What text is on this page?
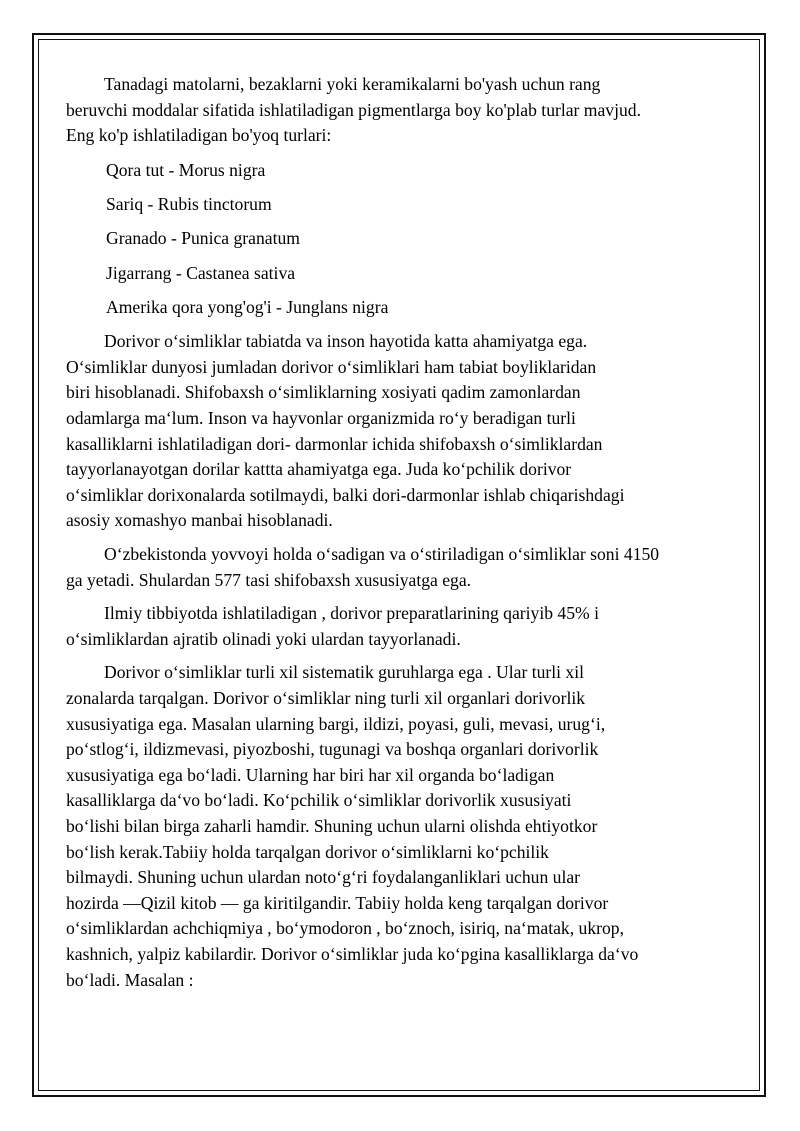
Tanadagi matolarni, bezaklarni yoki keramikalarni bo'yash uchun rang
beruvchi moddalar sifatida ishlatiladigan pigmentlarga boy ko'plab turlar mavjud.
Eng ko'p ishlatiladigan bo'yoq turlari:

Qora tut - Morus nigra
Sariq - Rubis tinctorum
Granado - Punica granatum
Jigarrang - Castanea sativa
Amerika qora yong'og'i - Junglans nigra

Dorivor o‘simliklar tabiatda va inson hayotida katta ahamiyatga ega.
O‘simliklar dunyosi jumladan dorivor o‘simliklari ham tabiat boyliklaridan
biri hisoblanadi. Shifobaxsh o‘simliklarning xosiyati qadim zamonlardan
odamlarga ma‘lum. Inson va hayvonlar organizmida ro‘y beradigan turli
kasalliklarni ishlatiladigan dori- darmonlar ichida shifobaxsh o‘simliklardan
tayyorlanayotgan dorilar kattta ahamiyatga ega. Juda ko‘pchilik dorivor
o‘simliklar dorixonalarda sotilmaydi, balki dori-darmonlar ishlab chiqarishdagi
asosiy xomashyo manbai hisoblanadi.

O‘zbekistonda yovvoyi holda o‘sadigan va o‘stiriladigan o‘simliklar soni 4150
ga yetadi. Shulardan 577 tasi shifobaxsh xususiyatga ega.

Ilmiy tibbiyotda ishlatiladigan , dorivor preparatlarining qariyib 45% i
o‘simliklardan ajratib olinadi yoki ulardan tayyorlanadi.

Dorivor o‘simliklar turli xil sistematik guruhlarga ega . Ular turli xil
zonalarda tarqalgan. Dorivor o‘simliklar ning turli xil organlari dorivorlik
xususiyatiga ega. Masalan ularning bargi, ildizi, poyasi, guli, mevasi, urug‘i,
po‘stlog‘i, ildizmevasi, piyozboshi, tugunagi va boshqa organlari dorivorlik
xususiyatiga ega bo‘ladi. Ularning har biri har xil organda bo‘ladigan
kasalliklarga da‘vo bo‘ladi. Ko‘pchilik o‘simliklar dorivorlik xususiyati
bo‘lishi bilan birga zaharli hamdir. Shuning uchun ularni olishda ehtiyotkor
bo‘lish kerak.Tabiiy holda tarqalgan dorivor o‘simliklarni ko‘pchilik
bilmaydi. Shuning uchun ulardan noto‘g‘ri foydalanganliklari uchun ular
hozirda ―Qizil kitob ― ga kiritilgandir. Tabiiy holda keng tarqalgan dorivor
o‘simliklardan achchiqmiya , bo‘ymodoron , bo‘znoch, isiriq, na‘matak, ukrop,
kashnich, yalpiz kabilardir. Dorivor o‘simliklar juda ko‘pgina kasalliklarga da‘vo
bo‘ladi. Masalan :
